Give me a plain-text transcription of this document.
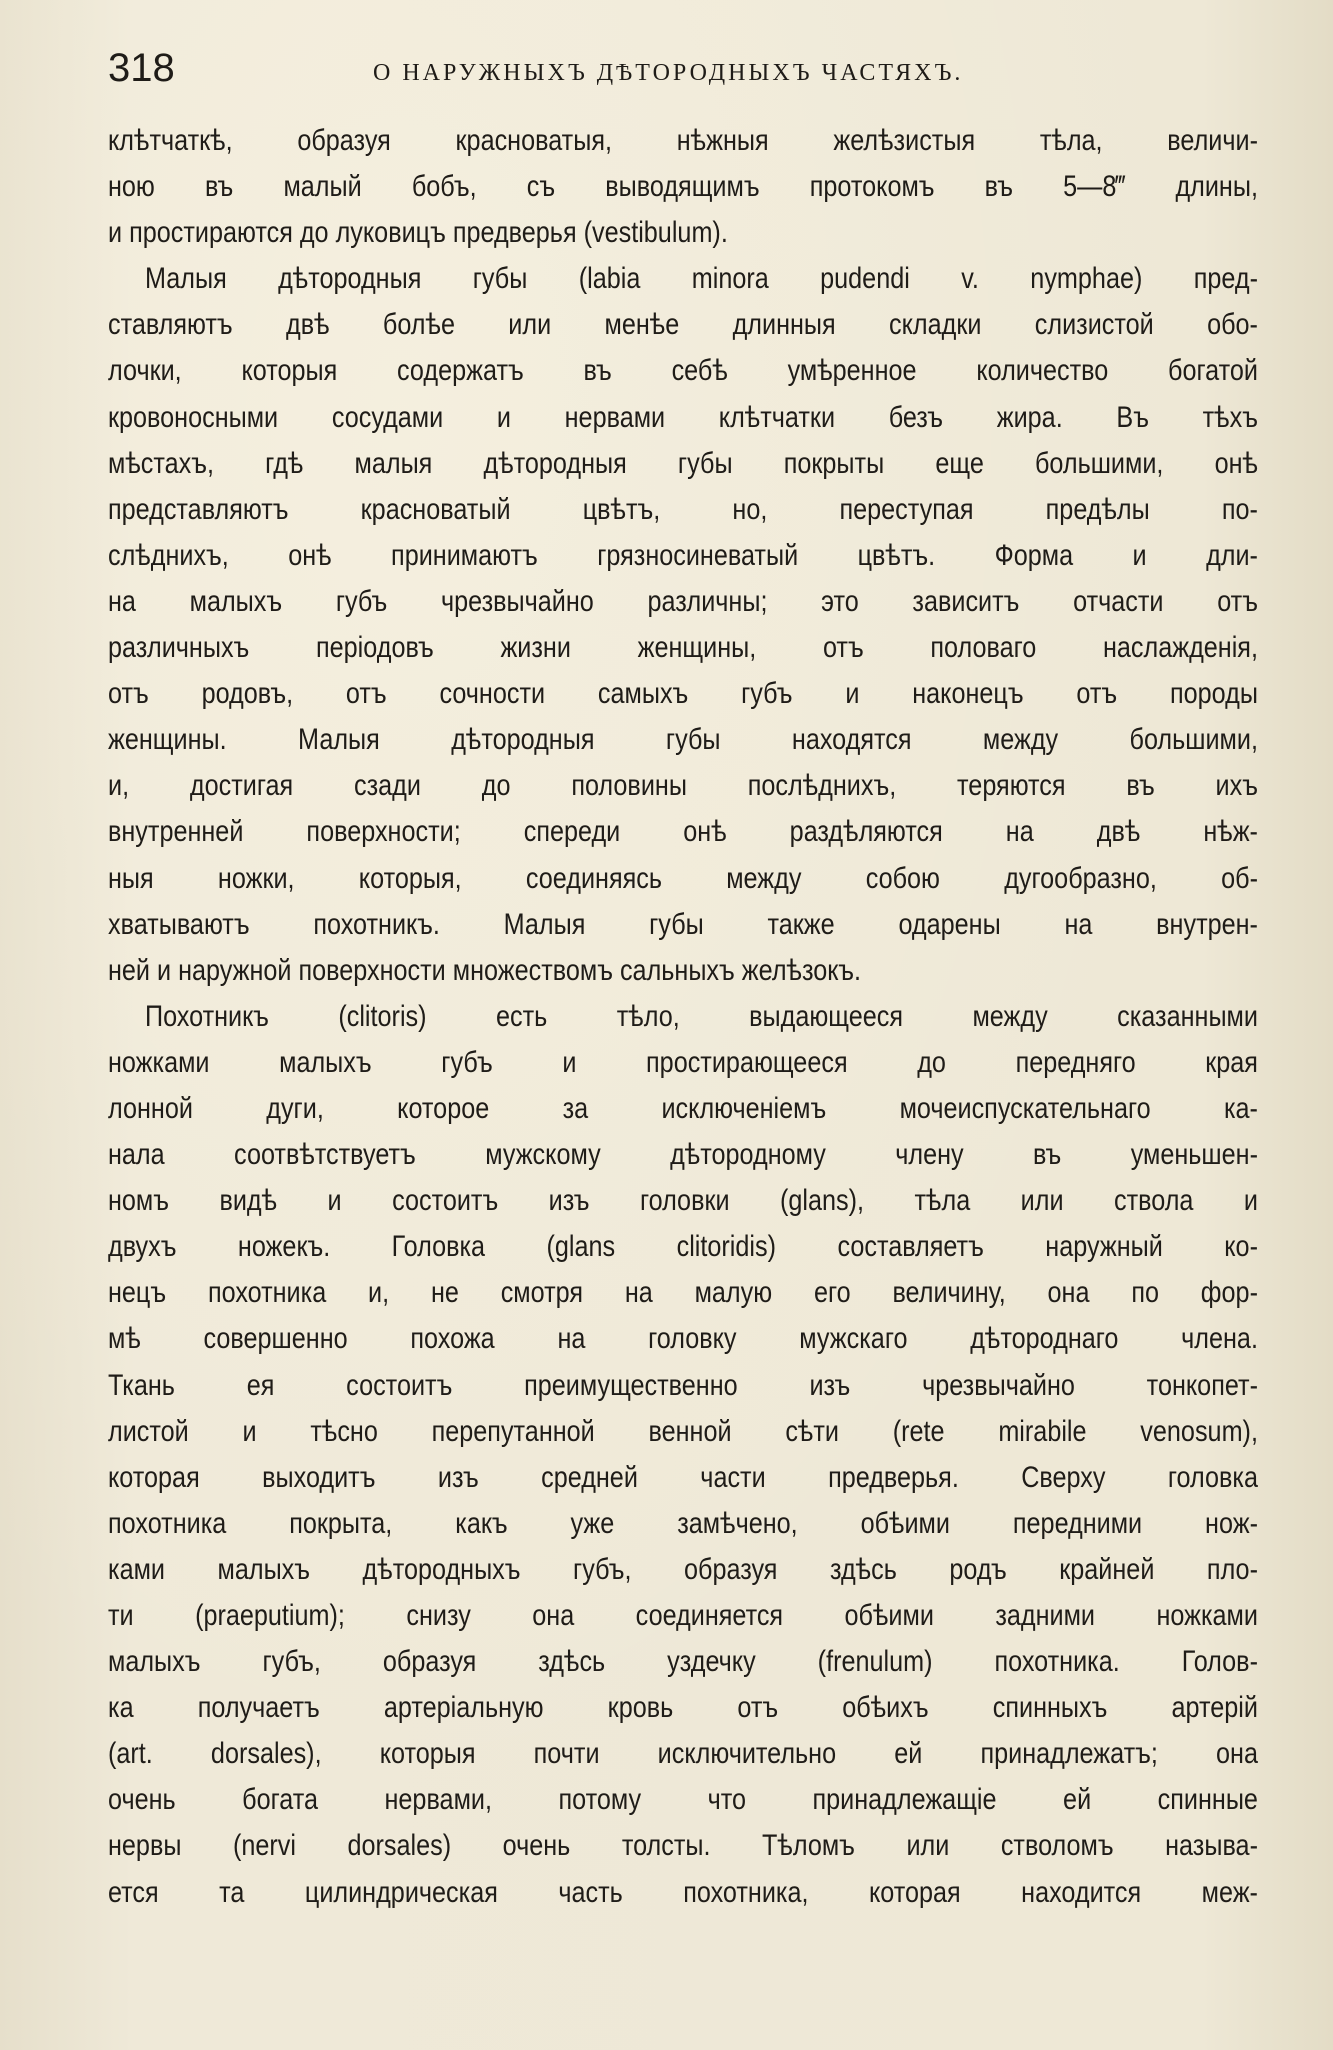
318	О НАРУЖНЫХЪ ДѢТОРОДНЫХЪ ЧАСТЯХЪ.
клѣтчаткѣ, образуя красноватыя, нѣжныя желѣзистыя тѣла, величи-
ною въ малый бобъ, съ выводящимъ протокомъ въ 5—8‴ длины,
и простираются до луковицъ предверья (vestibulum).
Малыя дѣтородныя губы (labia minora pudendi v. nymphae) пред-
ставляютъ двѣ болѣе или менѣе длинныя складки слизистой обо-
лочки, которыя содержатъ въ себѣ умѣренное количество богатой
кровоносными сосудами и нервами клѣтчатки безъ жира. Въ тѣхъ
мѣстахъ, гдѣ малыя дѣтородныя губы покрыты еще большими, онѣ
представляютъ красноватый цвѣтъ, но, переступая предѣлы по-
слѣднихъ, онѣ принимаютъ грязносиневатый цвѣтъ. Форма и дли-
на малыхъ губъ чрезвычайно различны; это зависитъ отчасти отъ
различныхъ періодовъ жизни женщины, отъ половаго наслажденія,
отъ родовъ, отъ сочности самыхъ губъ и наконецъ отъ породы
женщины. Малыя дѣтородныя губы находятся между большими,
и, достигая сзади до половины послѣднихъ, теряются въ ихъ
внутренней поверхности; спереди онѣ раздѣляются на двѣ нѣж-
ныя ножки, которыя, соединяясь между собою дугообразно, об-
хватываютъ похотникъ. Малыя губы также одарены на внутрен-
ней и наружной поверхности множествомъ сальныхъ желѣзокъ.
Похотникъ (clitoris) есть тѣло, выдающееся между сказанными
ножками малыхъ губъ и простирающееся до передняго края
лонной дуги, которое за исключеніемъ мочеиспускательнаго ка-
нала соотвѣтствуетъ мужскому дѣтородному члену въ уменьшен-
номъ видѣ и состоитъ изъ головки (glans), тѣла или ствола и
двухъ ножекъ. Головка (glans clitoridis) составляетъ наружный ко-
нецъ похотника и, не смотря на малую его величину, она по фор-
мѣ совершенно похожа на головку мужскаго дѣтороднаго члена.
Ткань ея состоитъ преимущественно изъ чрезвычайно тонкопет-
листой и тѣсно перепутанной венной сѣти (rete mirabile venosum),
которая выходитъ изъ средней части предверья. Сверху головка
похотника покрыта, какъ уже замѣчено, обѣими передними нож-
ками малыхъ дѣтородныхъ губъ, образуя здѣсь родъ крайней пло-
ти (praeputium); снизу она соединяется обѣими задними ножками
малыхъ губъ, образуя здѣсь уздечку (frenulum) похотника. Голов-
ка получаетъ артеріальную кровь отъ обѣихъ спинныхъ артерій
(art. dorsales), которыя почти исключительно ей принадлежатъ; она
очень богата нервами, потому что принадлежащіе ей спинные
нервы (nervi dorsales) очень толсты. Тѣломъ или стволомъ называ-
ется та цилиндрическая часть похотника, которая находится меж-
